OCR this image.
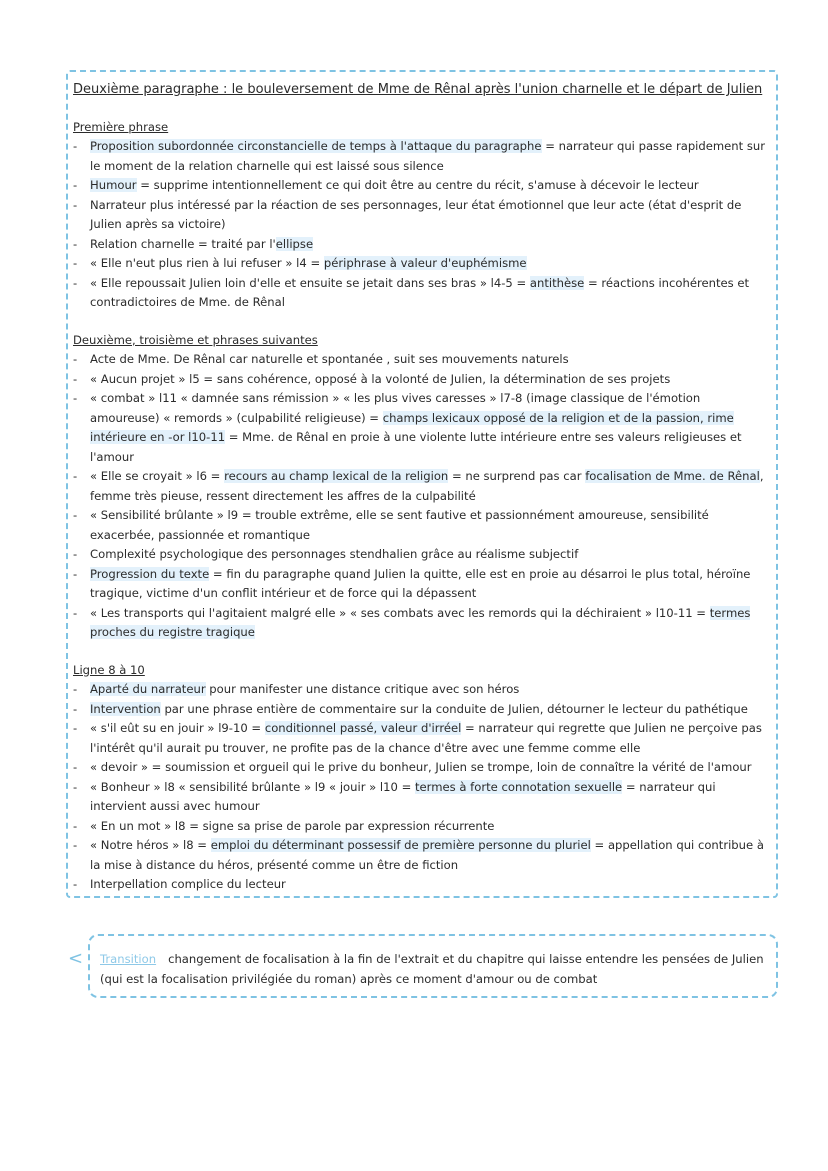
Deuxième paragraphe : le bouleversement de Mme de Rênal après l'union charnelle et le départ de Julien
Première phrase
- Proposition subordonnée circonstancielle de temps à l'attaque du paragraphe = narrateur qui passe rapidement sur le moment de la relation charnelle qui est laissé sous silence
- Humour = supprime intentionnellement ce qui doit être au centre du récit, s'amuse à décevoir le lecteur
- Narrateur plus intéressé par la réaction de ses personnages, leur état émotionnel que leur acte (état d'esprit de Julien après sa victoire)
- Relation charnelle = traité par l'ellipse
- « Elle n'eut plus rien à lui refuser » l4 = périphrase à valeur d'euphémisme
- « Elle repoussait Julien loin d'elle et ensuite se jetait dans ses bras » l4-5 = antithèse = réactions incohérentes et contradictoires de Mme. de Rênal
Deuxième, troisième et phrases suivantes
- Acte de Mme. De Rênal car naturelle et spontanée , suit ses mouvements naturels
- « Aucun projet » l5 = sans cohérence, opposé à la volonté de Julien, la détermination de ses projets
- « combat » l11 « damnée sans rémission » « les plus vives caresses » l7-8 (image classique de l'émotion amoureuse) « remords » (culpabilité religieuse) = champs lexicaux opposé de la religion et de la passion, rime intérieure en -or l10-11 = Mme. de Rênal en proie à une violente lutte intérieure entre ses valeurs religieuses et l'amour
- « Elle se croyait » l6 = recours au champ lexical de la religion = ne surprend pas car focalisation de Mme. de Rênal, femme très pieuse, ressent directement les affres de la culpabilité
- « Sensibilité brûlante » l9 = trouble extrême, elle se sent fautive et passionnément amoureuse, sensibilité exacerbée, passionnée et romantique
- Complexité psychologique des personnages stendhalien grâce au réalisme subjectif
- Progression du texte = fin du paragraphe quand Julien la quitte, elle est en proie au désarroi le plus total, héroïne tragique, victime d'un conflit intérieur et de force qui la dépassent
- « Les transports qui l'agitaient malgré elle » « ses combats avec les remords qui la déchiraient » l10-11 = termes proches du registre tragique
Ligne 8 à 10
- Aparté du narrateur pour manifester une distance critique avec son héros
- Intervention par une phrase entière de commentaire sur la conduite de Julien, détourner le lecteur du pathétique
- « s'il eût su en jouir » l9-10 = conditionnel passé, valeur d'irréel = narrateur qui regrette que Julien ne perçoive pas l'intérêt qu'il aurait pu trouver, ne profite pas de la chance d'être avec une femme comme elle
- « devoir » = soumission et orgueil qui le prive du bonheur, Julien se trompe, loin de connaître la vérité de l'amour
- « Bonheur » l8 « sensibilité brûlante » l9 « jouir » l10 = termes à forte connotation sexuelle = narrateur qui intervient aussi avec humour
- « En un mot » l8 = signe sa prise de parole par expression récurrente
- « Notre héros » l8 = emploi du déterminant possessif de première personne du pluriel = appellation qui contribue à la mise à distance du héros, présenté comme un être de fiction
- Interpellation complice du lecteur
< Transition changement de focalisation à la fin de l'extrait et du chapitre qui laisse entendre les pensées de Julien (qui est la focalisation privilégiée du roman) après ce moment d'amour ou de combat
